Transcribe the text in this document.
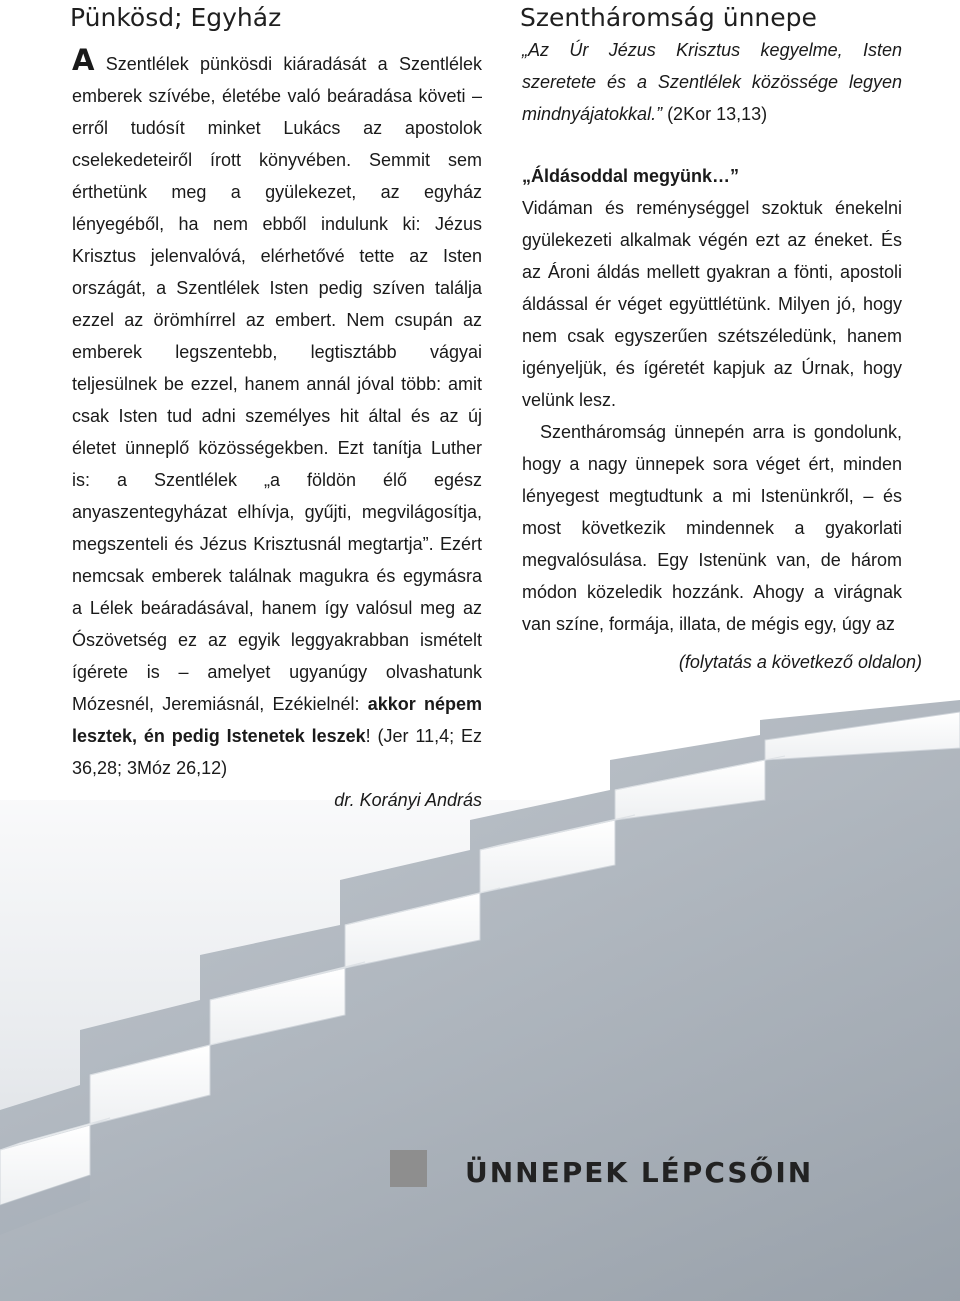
Pünkösd; Egyház

A Szentlélek pünkösdi kiáradását a Szentlélek emberek szívébe, életébe való beáradása követi – erről tudósít minket Lukács az apostolok cselekedeteiről írott könyvében. Semmit sem érthetünk meg a gyülekezet, az egyház lényegéből, ha nem ebből indulunk ki: Jézus Krisztus jelenvalóvá, elérhetővé tette az Isten országát, a Szentlélek Isten pedig szíven találja ezzel az örömhírrel az embert. Nem csupán az emberek legszentebb, legtisztább vágyai teljesülnek be ezzel, hanem annál jóval több: amit csak Isten tud adni személyes hit által és az új életet ünneplő közösségekben. Ezt tanítja Luther is: a Szentlélek „a földön élő egész anyaszentegyházat elhívja, gyűjti, megvilágosítja, megszenteli és Jézus Krisztusnál megtartja”. Ezért nemcsak emberek találnak magukra és egymásra a Lélek beáradásával, hanem így valósul meg az Ószövetség ez az egyik leggyakrabban ismételt ígérete is – amelyet ugyanúgy olvashatunk Mózesnél, Jeremiásnál, Ezékielnél: akkor népem lesztek, én pedig Istenetek leszek! (Jer 11,4; Ez 36,28; 3Móz 26,12)

dr. Korányi András
Szentháromság ünnepe

„Az Úr Jézus Krisztus kegyelme, Isten szeretete és a Szentlélek közössége legyen mindnyájatokkal.” (2Kor 13,13)

„Áldásoddal megyünk…”

Vidáman és reménységgel szoktuk énekelni gyülekezeti alkalmak végén ezt az éneket. És az Ároni áldás mellett gyakran a fönti, apostoli áldással ér véget együttlétünk. Milyen jó, hogy nem csak egyszerűen szétszéledünk, hanem igényeljük, és ígéretét kapjuk az Úrnak, hogy velünk lesz.

Szentháromság ünnepén arra is gondolunk, hogy a nagy ünnepek sora véget ért, minden lényegest megtudtunk a mi Istenünkről, – és most következik mindennek a gyakorlati megvalósulása. Egy Istenünk van, de három módon közeledik hozzánk. Ahogy a virágnak van színe, formája, illata, de mégis egy, úgy az

(folytatás a következő oldalon)
ÜNNEPEK LÉPCSŐIN
